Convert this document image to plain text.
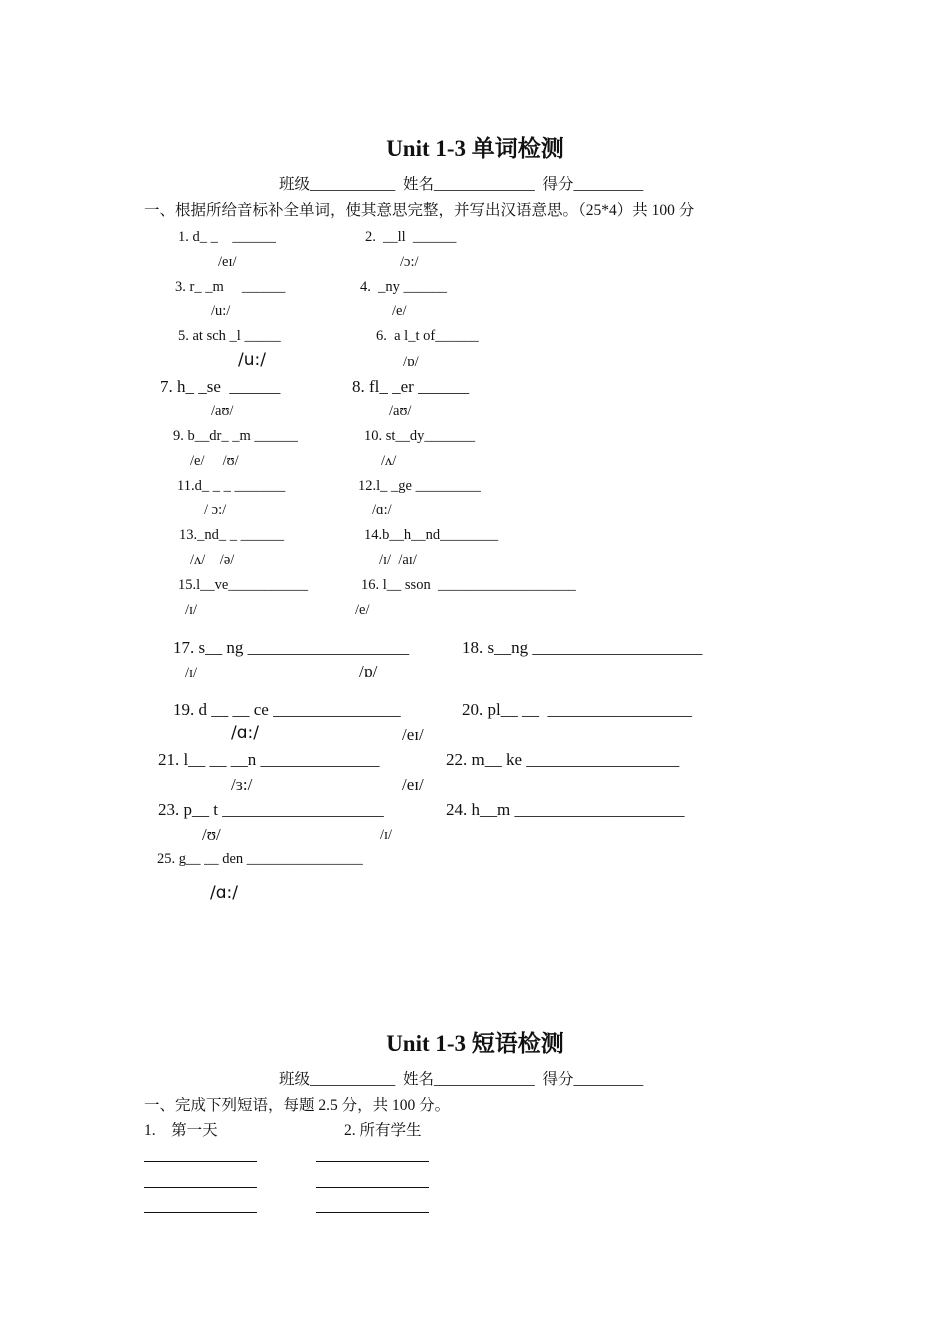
Unit 1-3 单词检测
班级___________  姓名_____________  得分_________
一、根据所给音标补全单词，使其意思完整，并写出汉语意思。（25*4）共 100 分
1. d_ _    ______
/eɪ/
2.  __ll  ______
/ɔ:/
3. r_ _m     ______
/u:/
4.  _ny ______
/e/
5. at sch _l _____
/u:/
6.  a l_t of______
/ɒ/
7. h_ _se  ______
/aʊ/
8. fl_ _er ______
/aʊ/
9. b__dr_ _m ______
/e/     /ʊ/
10. st__dy_______
/ʌ/
11.d_ _ _ _______
/ ɔ:/
12.l_ _ge _________
/ɑ:/
13._nd_ _ ______
/ʌ/    /ə/
14.b__h__nd________
/ɪ/  /aɪ/
15.l__ve___________
/ɪ/
16. l__ sson  ___________________
/e/
17. s__ ng ___________________
/ɪ/
18. s__ng ____________________
/ɒ/
19. d __ __ ce _______________
/ɑ:/
20. pl__ __  _________________
/eɪ/
21. l__ __ __n ______________
/ɜ:/
22. m__ ke __________________
/eɪ/
23. p__ t ___________________
/ʊ/
24. h__m ____________________
/ɪ/
25. g__ __ den ________________
/ɑ:/
Unit 1-3 短语检测
班级___________  姓名_____________  得分_________
一、完成下列短语，每题 2.5 分，共 100 分。
1.    第一天	2. 所有学生
